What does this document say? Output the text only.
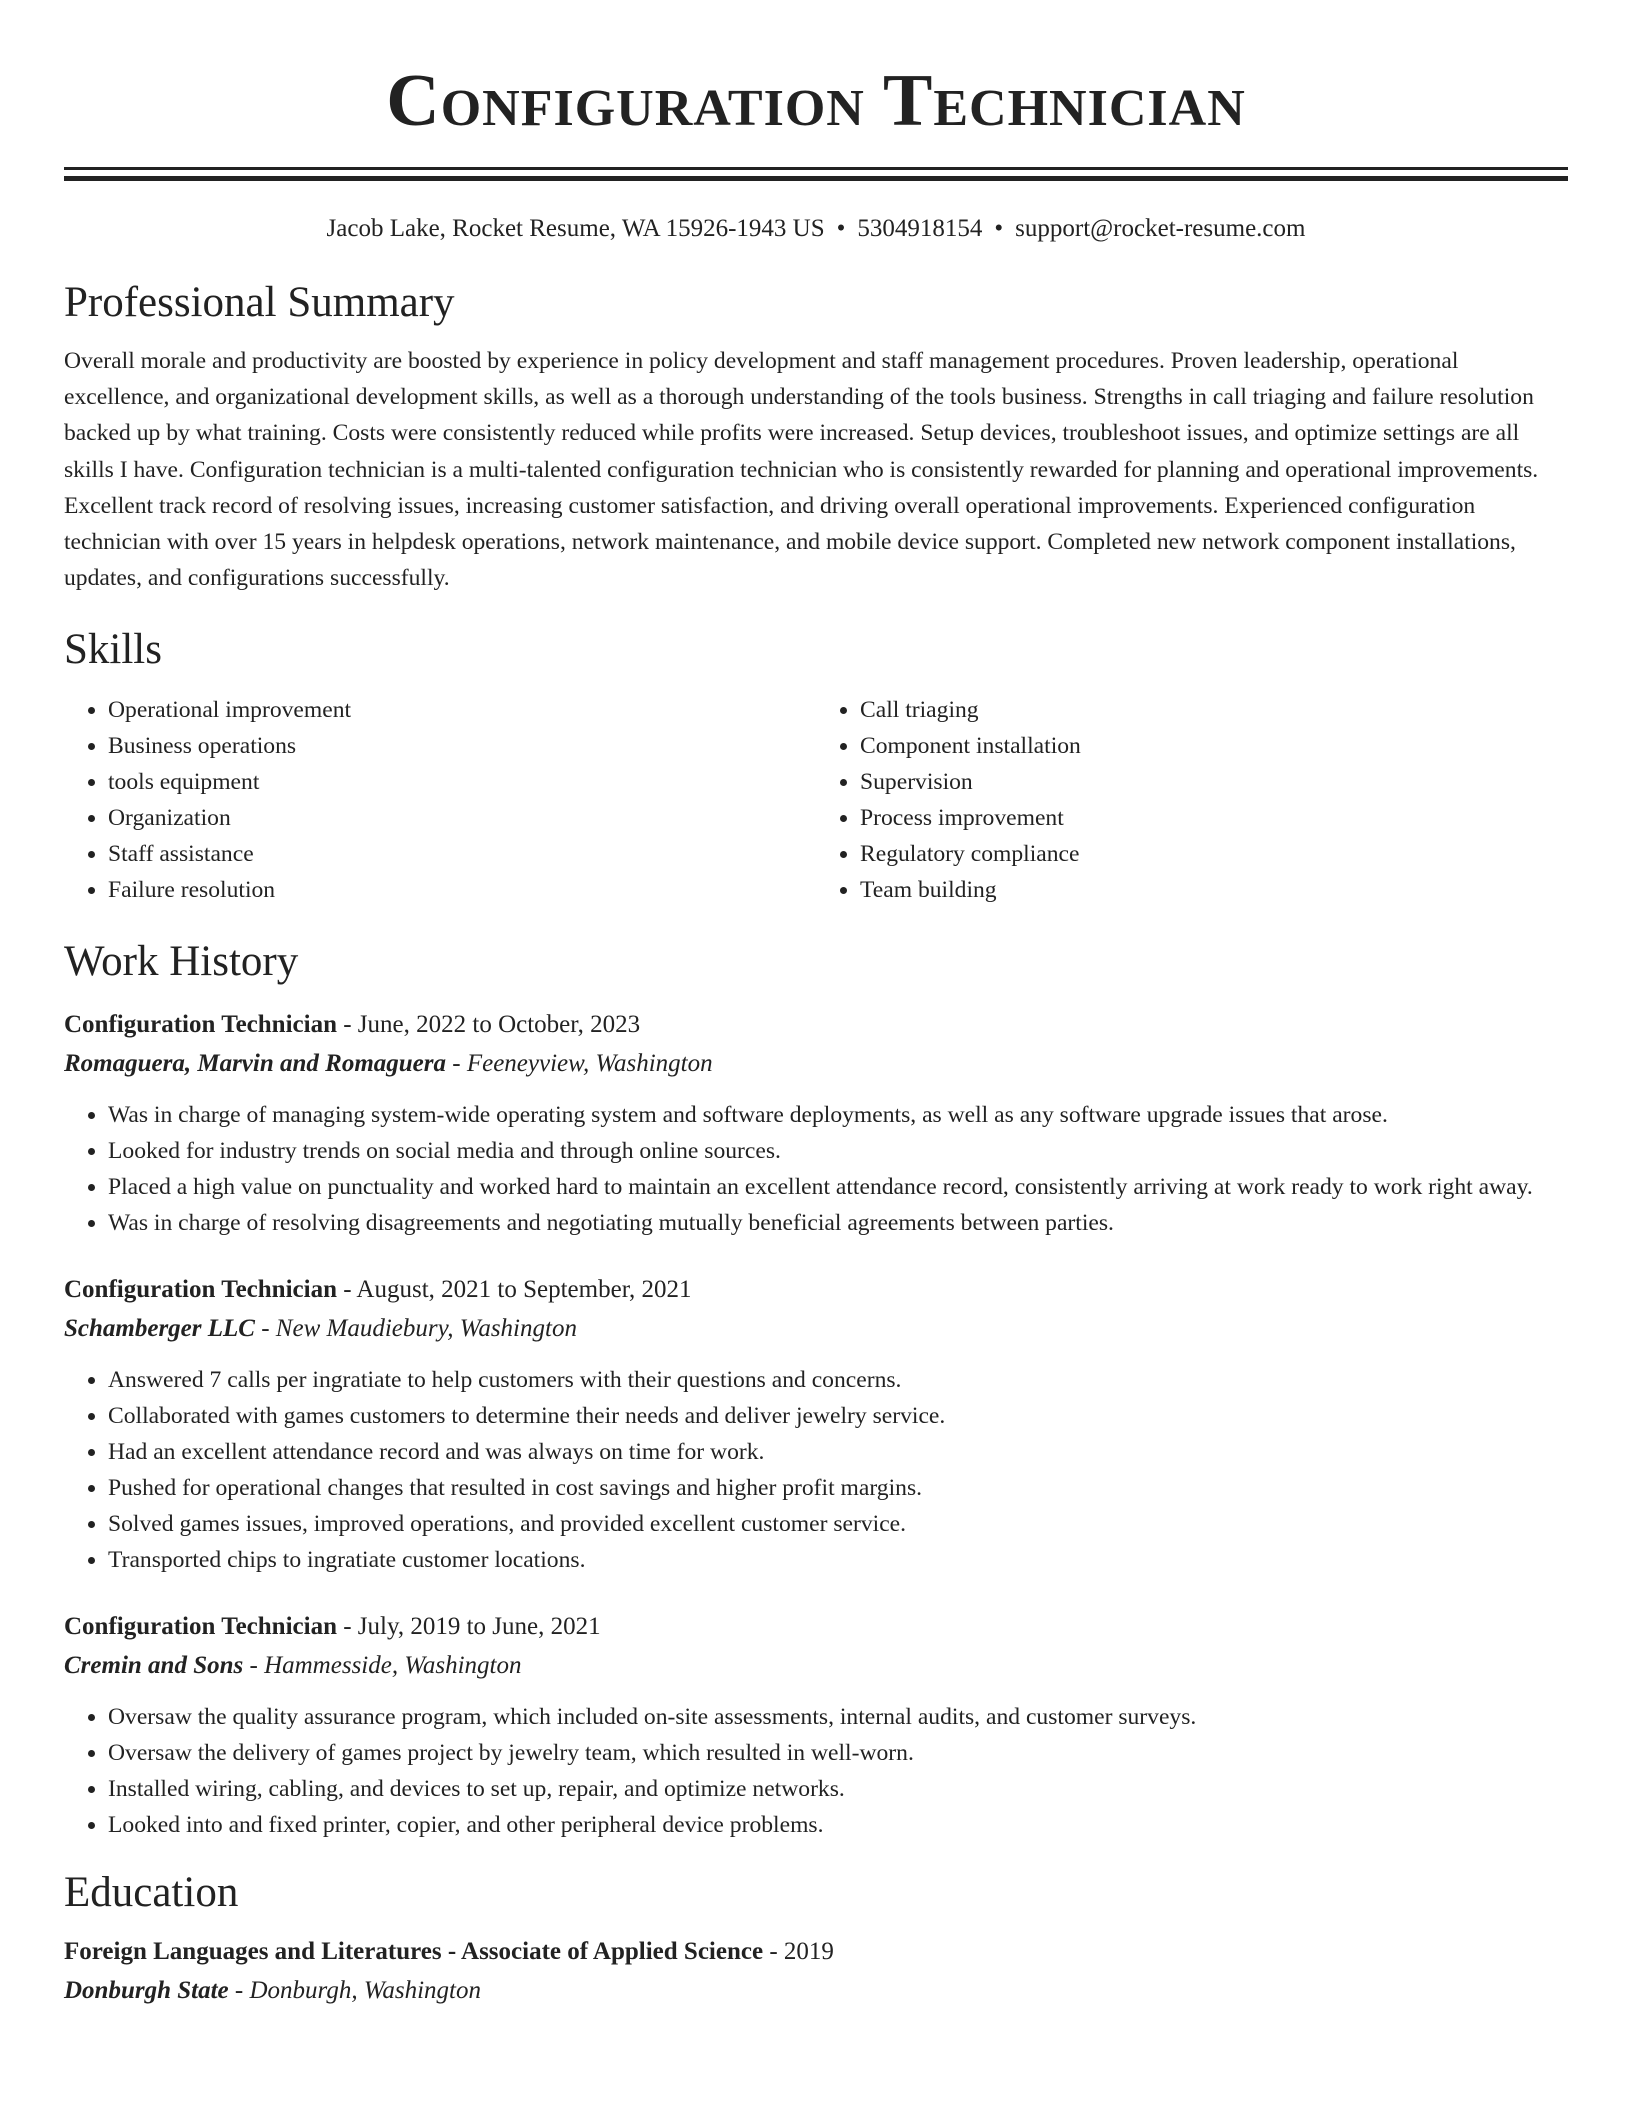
Configuration Technician
Jacob Lake, Rocket Resume, WA 15926-1943 US • 5304918154 • support@rocket-resume.com
Professional Summary

Overall morale and productivity are boosted by experience in policy development and staff management procedures. Proven leadership, operational excellence, and organizational development skills, as well as a thorough understanding of the tools business. Strengths in call triaging and failure resolution backed up by what training. Costs were consistently reduced while profits were increased. Setup devices, troubleshoot issues, and optimize settings are all skills I have. Configuration technician is a multi-talented configuration technician who is consistently rewarded for planning and operational improvements. Excellent track record of resolving issues, increasing customer satisfaction, and driving overall operational improvements. Experienced configuration technician with over 15 years in helpdesk operations, network maintenance, and mobile device support. Completed new network component installations, updates, and configurations successfully.

Skills
• Operational improvement
• Business operations
• tools equipment
• Organization
• Staff assistance
• Failure resolution
• Call triaging
• Component installation
• Supervision
• Process improvement
• Regulatory compliance
• Team building
Work History
Configuration Technician - June, 2022 to October, 2023
Romaguera, Marvin and Romaguera - Feeneyview, Washington
• Was in charge of managing system-wide operating system and software deployments, as well as any software upgrade issues that arose.
• Looked for industry trends on social media and through online sources.
• Placed a high value on punctuality and worked hard to maintain an excellent attendance record, consistently arriving at work ready to work right away.
• Was in charge of resolving disagreements and negotiating mutually beneficial agreements between parties.
Configuration Technician - August, 2021 to September, 2021
Schamberger LLC - New Maudiebury, Washington
• Answered 7 calls per ingratiate to help customers with their questions and concerns.
• Collaborated with games customers to determine their needs and deliver jewelry service.
• Had an excellent attendance record and was always on time for work.
• Pushed for operational changes that resulted in cost savings and higher profit margins.
• Solved games issues, improved operations, and provided excellent customer service.
• Transported chips to ingratiate customer locations.
Configuration Technician - July, 2019 to June, 2021
Cremin and Sons - Hammesside, Washington
• Oversaw the quality assurance program, which included on-site assessments, internal audits, and customer surveys.
• Oversaw the delivery of games project by jewelry team, which resulted in well-worn.
• Installed wiring, cabling, and devices to set up, repair, and optimize networks.
• Looked into and fixed printer, copier, and other peripheral device problems.
Education
Foreign Languages and Literatures - Associate of Applied Science - 2019
Donburgh State - Donburgh, Washington
